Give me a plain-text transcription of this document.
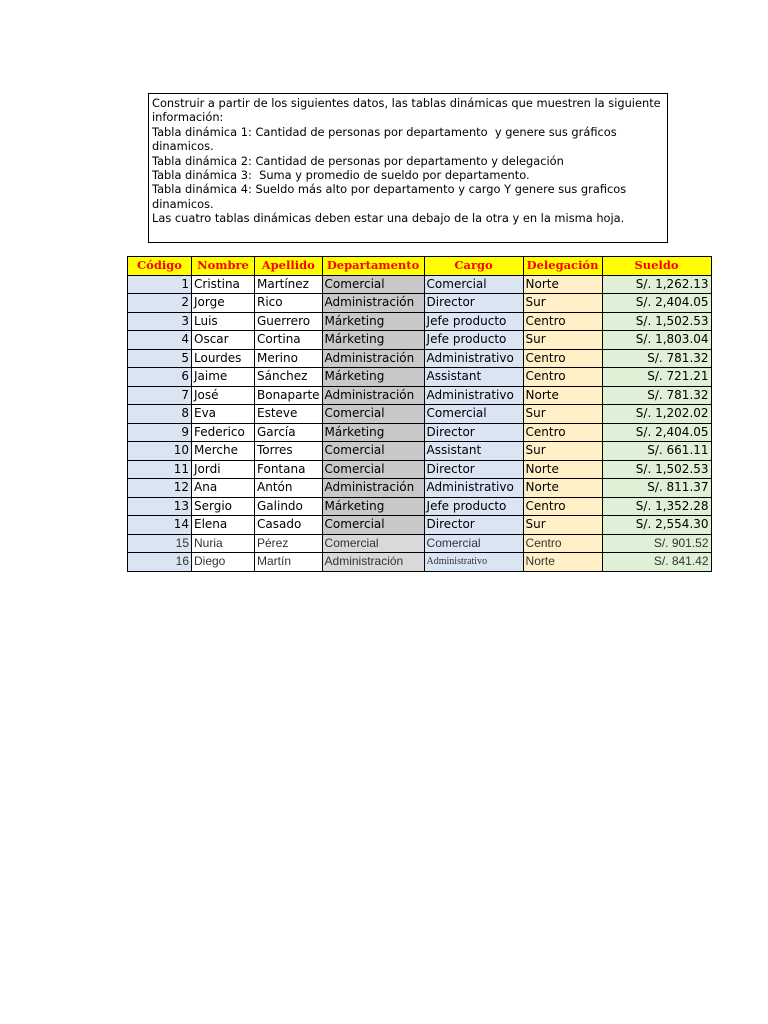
Construir a partir de los siguientes datos, las tablas dinámicas que muestren la siguiente
información:
Tabla dinámica 1: Cantidad de personas por departamento  y genere sus gráficos
dinamicos.
Tabla dinámica 2: Cantidad de personas por departamento y delegación
Tabla dinámica 3:  Suma y promedio de sueldo por departamento.
Tabla dinámica 4: Sueldo más alto por departamento y cargo Y genere sus graficos
dinamicos.
Las cuatro tablas dinámicas deben estar una debajo de la otra y en la misma hoja.
Código	Nombre	Apellido	Departamento	Cargo	Delegación	Sueldo
1	Cristina	Martínez	Comercial	Comercial	Norte	S/. 1,262.13
2	Jorge	Rico	Administración	Director	Sur	S/. 2,404.05
3	Luis	Guerrero	Márketing	Jefe producto	Centro	S/. 1,502.53
4	Oscar	Cortina	Márketing	Jefe producto	Sur	S/. 1,803.04
5	Lourdes	Merino	Administración	Administrativo	Centro	S/. 781.32
6	Jaime	Sánchez	Márketing	Assistant	Centro	S/. 721.21
7	José	Bonaparte	Administración	Administrativo	Norte	S/. 781.32
8	Eva	Esteve	Comercial	Comercial	Sur	S/. 1,202.02
9	Federico	García	Márketing	Director	Centro	S/. 2,404.05
10	Merche	Torres	Comercial	Assistant	Sur	S/. 661.11
11	Jordi	Fontana	Comercial	Director	Norte	S/. 1,502.53
12	Ana	Antón	Administración	Administrativo	Norte	S/. 811.37
13	Sergio	Galindo	Márketing	Jefe producto	Centro	S/. 1,352.28
14	Elena	Casado	Comercial	Director	Sur	S/. 2,554.30
15	Nuria	Pérez	Comercial	Comercial	Centro	S/. 901.52
16	Diego	Martín	Administración	Administrativo	Norte	S/. 841.42
